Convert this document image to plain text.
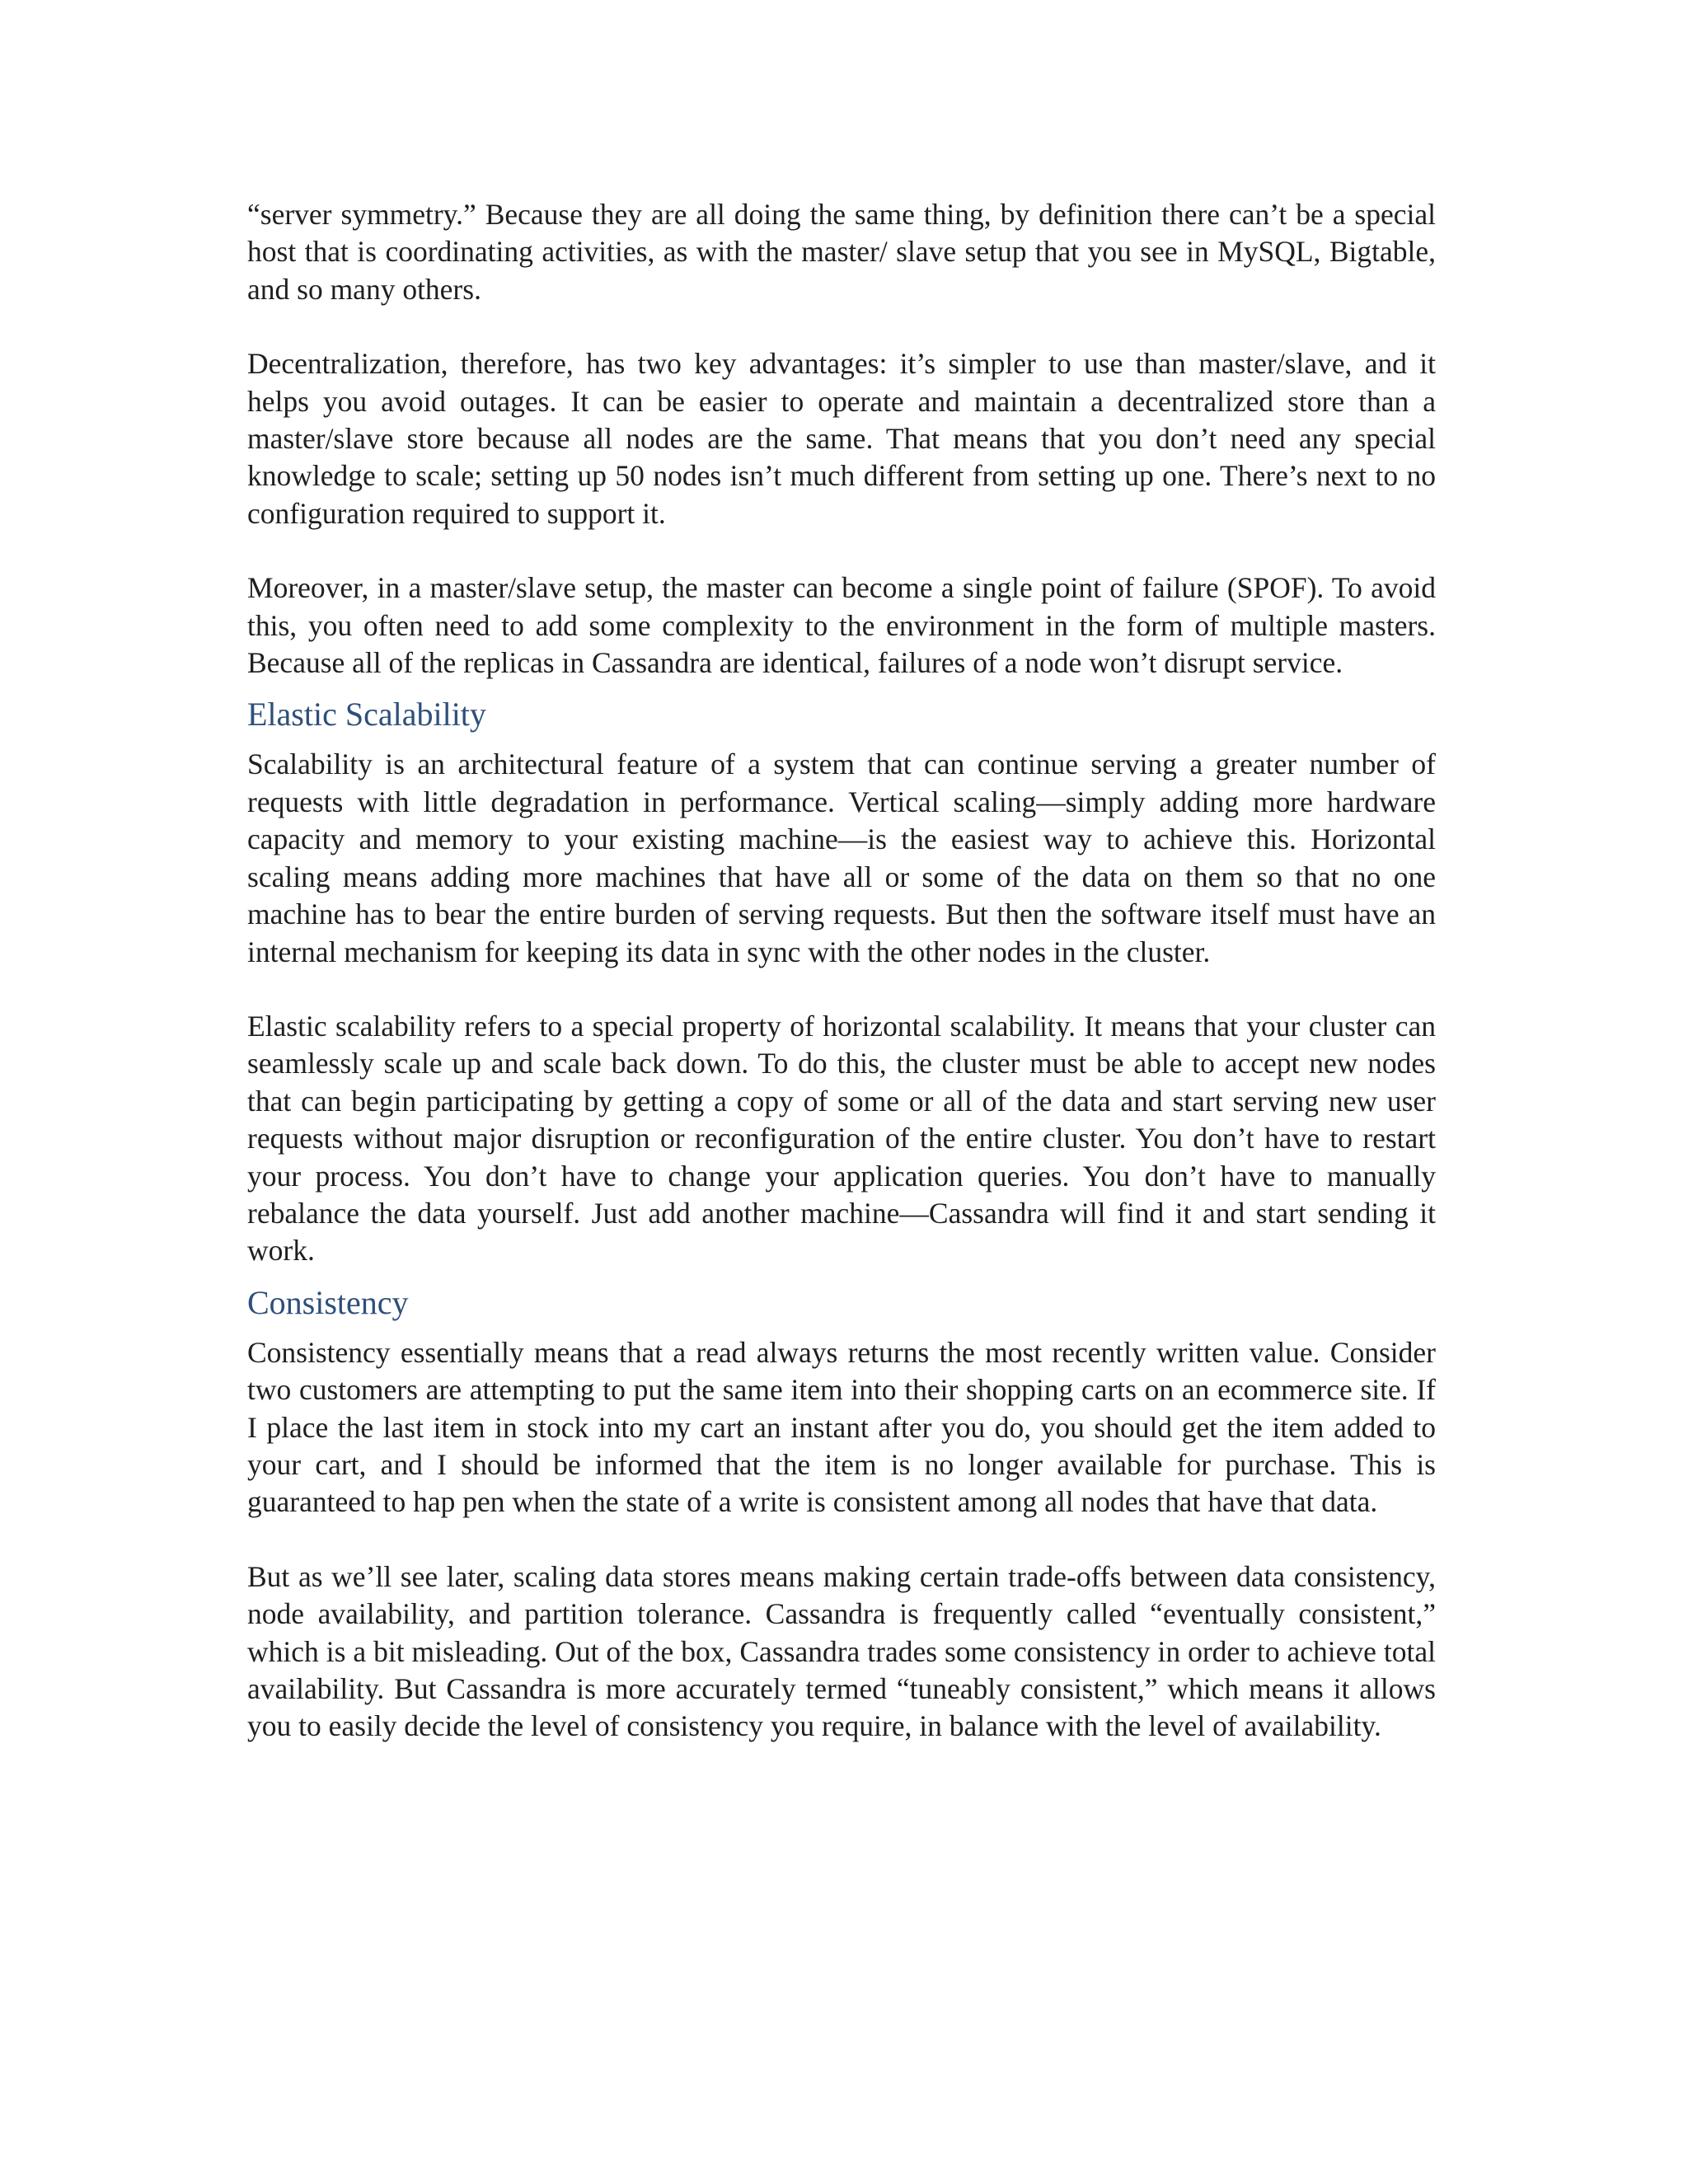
“server symmetry.” Because they are all doing the same thing, by definition there can’t be a special host that is coordinating activities, as with the master/ slave setup that you see in MySQL, Bigtable, and so many others.

Decentralization, therefore, has two key advantages: it’s simpler to use than master/slave, and it helps you avoid outages. It can be easier to operate and maintain a decentralized store than a master/slave store because all nodes are the same. That means that you don’t need any special knowledge to scale; setting up 50 nodes isn’t much different from setting up one. There’s next to no configuration required to support it.

Moreover, in a master/slave setup, the master can become a single point of failure (SPOF). To avoid this, you often need to add some complexity to the environment in the form of multiple masters. Because all of the replicas in Cassandra are identical, failures of a node won’t disrupt service.

Elastic Scalability

Scalability is an architectural feature of a system that can continue serving a greater number of requests with little degradation in performance. Vertical scaling—simply adding more hardware capacity and memory to your existing machine—is the easiest way to achieve this. Horizontal scaling means adding more machines that have all or some of the data on them so that no one machine has to bear the entire burden of serving requests. But then the software itself must have an internal mechanism for keeping its data in sync with the other nodes in the cluster.

Elastic scalability refers to a special property of horizontal scalability. It means that your cluster can seamlessly scale up and scale back down. To do this, the cluster must be able to accept new nodes that can begin participating by getting a copy of some or all of the data and start serving new user requests without major disruption or reconfiguration of the entire cluster. You don’t have to restart your process. You don’t have to change your application queries. You don’t have to manually rebalance the data yourself. Just add another machine—Cassandra will find it and start sending it work.

Consistency

Consistency essentially means that a read always returns the most recently written value. Consider two customers are attempting to put the same item into their shopping carts on an ecommerce site. If I place the last item in stock into my cart an instant after you do, you should get the item added to your cart, and I should be informed that the item is no longer available for purchase. This is guaranteed to hap pen when the state of a write is consistent among all nodes that have that data.

But as we’ll see later, scaling data stores means making certain trade-offs between data consistency, node availability, and partition tolerance. Cassandra is frequently called “eventually consistent,” which is a bit misleading. Out of the box, Cassandra trades some consistency in order to achieve total availability. But Cassandra is more accurately termed “tuneably consistent,” which means it allows you to easily decide the level of consistency you require, in balance with the level of availability.
